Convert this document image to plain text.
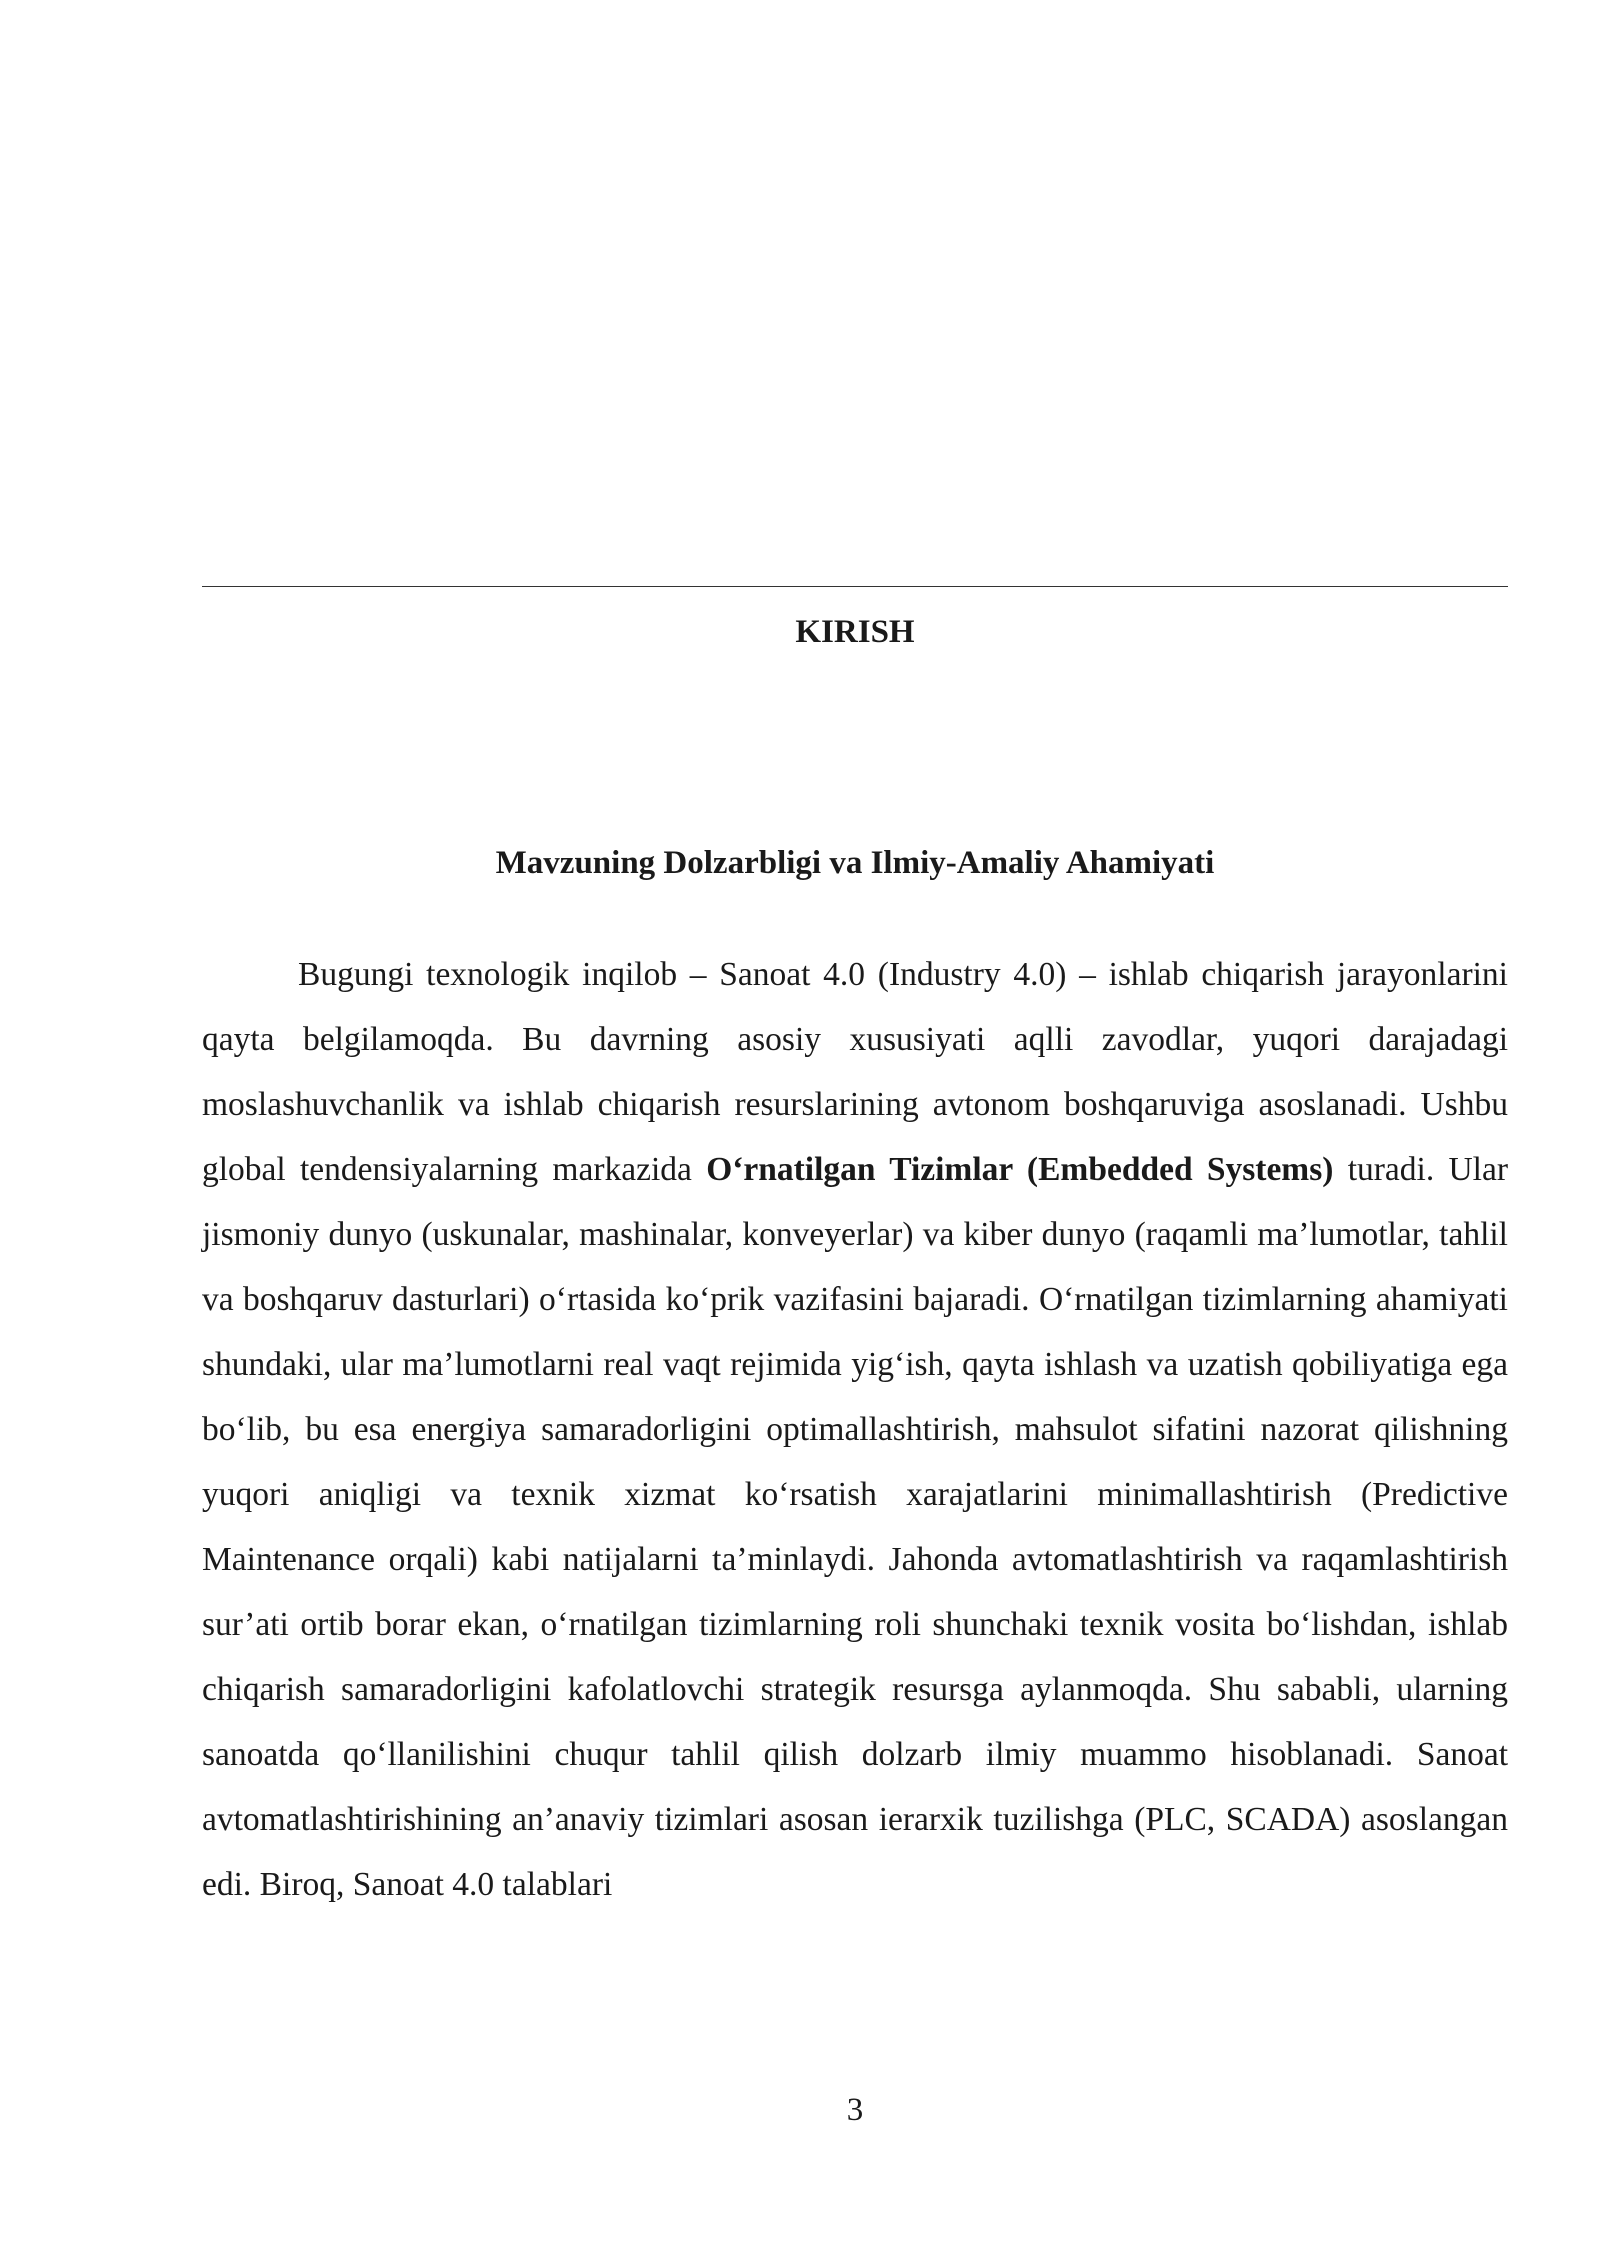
KIRISH
Mavzuning Dolzarbligi va Ilmiy-Amaliy Ahamiyati

Bugungi texnologik inqilob – Sanoat 4.0 (Industry 4.0) – ishlab chiqarish jarayonlarini qayta belgilamoqda. Bu davrning asosiy xususiyati aqlli zavodlar, yuqori darajadagi moslashuvchanlik va ishlab chiqarish resurslarining avtonom boshqaruviga asoslanadi. Ushbu global tendensiyalarning markazida O‘rnatilgan Tizimlar (Embedded Systems) turadi. Ular jismoniy dunyo (uskunalar, mashinalar, konveyerlar) va kiber dunyo (raqamli ma’lumotlar, tahlil va boshqaruv dasturlari) o‘rtasida ko‘prik vazifasini bajaradi. O‘rnatilgan tizimlarning ahamiyati shundaki, ular ma’lumotlarni real vaqt rejimida yig‘ish, qayta ishlash va uzatish qobiliyatiga ega bo‘lib, bu esa energiya samaradorligini optimallashtirish, mahsulot sifatini nazorat qilishning yuqori aniqligi va texnik xizmat ko‘rsatish xarajatlarini minimallashtirish (Predictive Maintenance orqali) kabi natijalarni ta’minlaydi. Jahonda avtomatlashtirish va raqamlashtirish sur’ati ortib borar ekan, o‘rnatilgan tizimlarning roli shunchaki texnik vosita bo‘lishdan, ishlab chiqarish samaradorligini kafolatlovchi strategik resursga aylanmoqda. Shu sababli, ularning sanoatda qo‘llanilishini chuqur tahlil qilish dolzarb ilmiy muammo hisoblanadi. Sanoat avtomatlashtirishining an’anaviy tizimlari asosan ierarxik tuzilishga (PLC, SCADA) asoslangan edi. Biroq, Sanoat 4.0 talablari

3
